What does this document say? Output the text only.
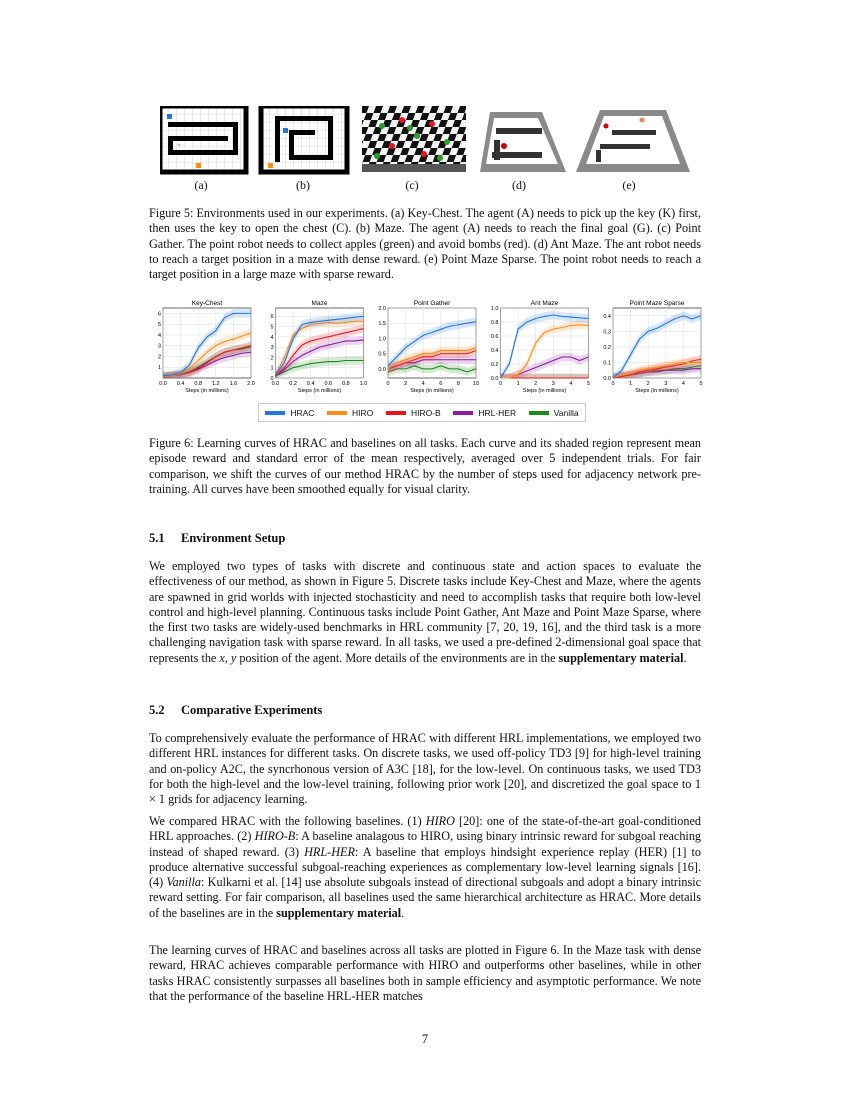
K
(a)	(b)	(c)	(d)	(e)
Figure 5: Environments used in our experiments. (a) Key-Chest. The agent (A) needs to pick up the key (K) first, then uses the key to open the chest (C). (b) Maze. The agent (A) needs to reach the final goal (G). (c) Point Gather. The point robot needs to collect apples (green) and avoid bombs (red). (d) Ant Maze. The ant robot needs to reach a target position in a maze with dense reward. (e) Point Maze Sparse. The point robot needs to reach a target position in a large maze with sparse reward.
Key-Chest
1
2
3
4
5
6
0.0 0.4 0.8 1.2 1.6 2.0
Steps (in millions)
Maze
0
1
2
3
4
5
6
0.0 0.2 0.4 0.6 0.8 1.0
Steps (in millions)
Point Gather
0.0
0.5
1.0
1.5
2.0
0	2	4	6	8 10
Steps (in millions)
Ant Maze
0.0
0.2
0.4
0.6
0.8
1.0
0	1	2	3	4	5
Steps (in millions)
Point Maze Sparse
0.0
0.1
0.2
0.3
0.4
0	1	2	3	4	5
Steps (in millions)
HRAC	HIRO	HIRO-B	HRL-HER	Vanilla
Figure 6: Learning curves of HRAC and baselines on all tasks. Each curve and its shaded region represent mean episode reward and standard error of the mean respectively, averaged over 5 independent trials. For fair comparison, we shift the curves of our method HRAC by the number of steps used for adjacency network pre-training. All curves have been smoothed equally for visual clarity.
5.1 Environment Setup
We employed two types of tasks with discrete and continuous state and action spaces to evaluate the effectiveness of our method, as shown in Figure 5. Discrete tasks include Key-Chest and Maze, where the agents are spawned in grid worlds with injected stochasticity and need to accomplish tasks that require both low-level control and high-level planning. Continuous tasks include Point Gather, Ant Maze and Point Maze Sparse, where the first two tasks are widely-used benchmarks in HRL community [7, 20, 19, 16], and the third task is a more challenging navigation task with sparse reward. In all tasks, we used a pre-defined 2-dimensional goal space that represents the x, y position of the agent. More details of the environments are in the supplementary material.
5.2 Comparative Experiments
To comprehensively evaluate the performance of HRAC with different HRL implementations, we employed two different HRL instances for different tasks. On discrete tasks, we used off-policy TD3 [9] for high-level training and on-policy A2C, the syncrhonous version of A3C [18], for the low-level. On continuous tasks, we used TD3 for both the high-level and the low-level training, following prior work [20], and discretized the goal space to 1 × 1 grids for adjacency learning.
We compared HRAC with the following baselines. (1) HIRO [20]: one of the state-of-the-art goal-conditioned HRL approaches. (2) HIRO-B: A baseline analagous to HIRO, using binary intrinsic reward for subgoal reaching instead of shaped reward. (3) HRL-HER: A baseline that employs hindsight experience replay (HER) [1] to produce alternative successful subgoal-reaching experiences as complementary low-level learning signals [16]. (4) Vanilla: Kulkarni et al. [14] use absolute subgoals instead of directional subgoals and adopt a binary intrinsic reward setting. For fair comparison, all baselines used the same hierarchical architecture as HRAC. More details of the baselines are in the supplementary material.
The learning curves of HRAC and baselines across all tasks are plotted in Figure 6. In the Maze task with dense reward, HRAC achieves comparable performance with HIRO and outperforms other baselines, while in other tasks HRAC consistently surpasses all baselines both in sample efficiency and asymptotic performance. We note that the performance of the baseline HRL-HER matches
7
